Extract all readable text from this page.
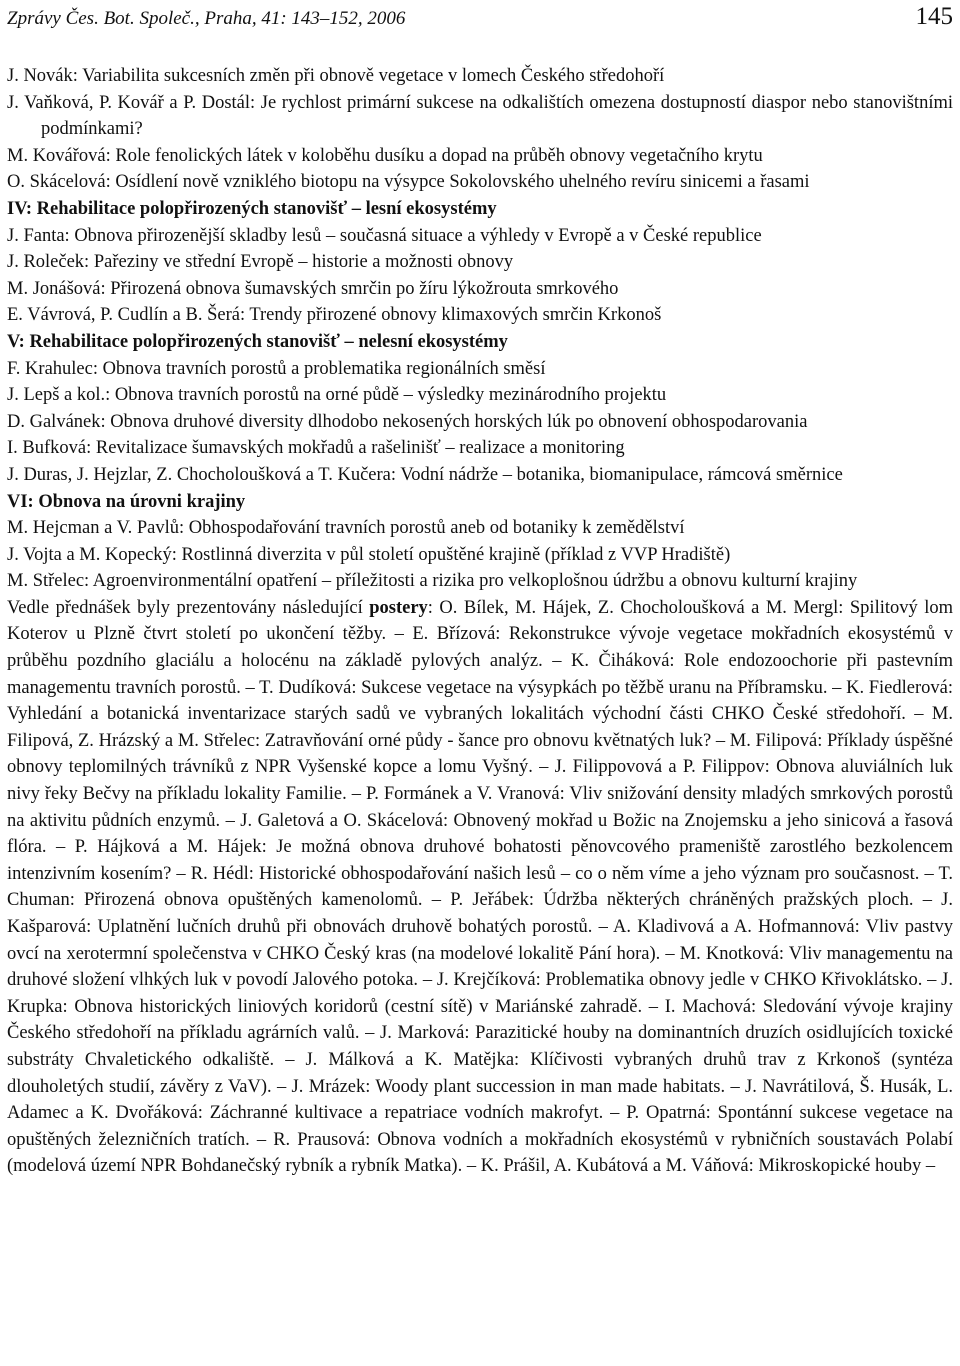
Zprávy Čes. Bot. Společ., Praha, 41: 143–152, 2006	145
J. Novák: Variabilita sukcesních změn při obnově vegetace v lomech Českého středohoří
J. Vaňková, P. Kovář a P. Dostál: Je rychlost primární sukcese na odkalištích omezena dostupností diaspor nebo stanovištními podmínkami?
M. Kovářová: Role fenolických látek v koloběhu dusíku a dopad na průběh obnovy vegetačního krytu
O. Skácelová: Osídlení nově vzniklého biotopu na výsypce Sokolovského uhelného revíru sinicemi a řasami
IV: Rehabilitace polopřirozených stanovišť – lesní ekosystémy
J. Fanta: Obnova přirozenější skladby lesů – současná situace a výhledy v Evropě a v České republice
J. Roleček: Pařeziny ve střední Evropě – historie a možnosti obnovy
M. Jonášová: Přirozená obnova šumavských smrčin po žíru lýkožrouta smrkového
E. Vávrová, P. Cudlín a B. Šerá: Trendy přirozené obnovy klimaxových smrčin Krkonoš
V: Rehabilitace polopřirozených stanovišť – nelesní ekosystémy
F. Krahulec: Obnova travních porostů a problematika regionálních směsí
J. Lepš a kol.: Obnova travních porostů na orné půdě – výsledky mezinárodního projektu
D. Galvánek: Obnova druhové diversity dlhodobo nekosených horských lúk po obnovení obhospodarovania
I. Bufková: Revitalizace šumavských mokřadů a rašelinišť – realizace a monitoring
J. Duras, J. Hejzlar, Z. Chocholoušková a T. Kučera: Vodní nádrže – botanika, biomanipulace, rámcová směrnice
VI: Obnova na úrovni krajiny
M. Hejcman a V. Pavlů: Obhospodařování travních porostů aneb od botaniky k zemědělství
J. Vojta a M. Kopecký: Rostlinná diverzita v půl století opuštěné krajině (příklad z VVP Hradiště)
M. Střelec: Agroenvironmentální opatření – příležitosti a rizika pro velkoplošnou údržbu a obnovu kulturní krajiny

Vedle přednášek byly prezentovány následující postery: O. Bílek, M. Hájek, Z. Chocholoušková a M. Mergl: Spilitový lom Koterov u Plzně čtvrt století po ukončení těžby. – E. Břízová: Rekonstrukce vývoje vegetace mokřadních ekosystémů v průběhu pozdního glaciálu a holocénu na základě pylových analýz. – K. Čiháková: Role endozoochorie při pastevním managementu travních porostů. – T. Dudíková: Sukcese vegetace na výsypkách po těžbě uranu na Příbramsku. – K. Fiedlerová: Vyhledání a botanická inventarizace starých sadů ve vybraných lokalitách východní části CHKO České středohoří. – M. Filipová, Z. Hrázský a M. Střelec: Zatravňování orné půdy - šance pro obnovu květnatých luk? – M. Filipová: Příklady úspěšné obnovy teplomilných trávníků z NPR Vyšenské kopce a lomu Vyšný. – J. Filippovová a P. Filippov: Obnova aluviálních luk nivy řeky Bečvy na příkladu lokality Familie. – P. Formánek a V. Vranová: Vliv snižování density mladých smrkových porostů na aktivitu půdních enzymů. – J. Galetová a O. Skácelová: Obnovený mokřad u Božic na Znojemsku a jeho sinicová a řasová flóra. – P. Hájková a M. Hájek: Je možná obnova druhové bohatosti pěnovcového prameniště zarostlého bezkolencem intenzivním kosením? – R. Hédl: Historické obhospodařování našich lesů – co o něm víme a jeho význam pro současnost. – T. Chuman: Přirozená obnova opuštěných kamenolomů. – P. Jeřábek: Údržba některých chráněných pražských ploch. – J. Kašparová: Uplatnění lučních druhů při obnovách druhově bohatých porostů. – A. Kladivová a A. Hofmannová: Vliv pastvy ovcí na xerotermní společenstva v CHKO Český kras (na modelové lokalitě Pání hora). – M. Knotková: Vliv managementu na druhové složení vlhkých luk v povodí Jalového potoka. – J. Krejčíková: Problematika obnovy jedle v CHKO Křivoklátsko. – J. Krupka: Obnova historických liniových koridorů (cestní sítě) v Mariánské zahradě. – I. Machová: Sledování vývoje krajiny Českého středohoří na příkladu agrárních valů. – J. Marková: Parazitické houby na dominantních druzích osidlujících toxické substráty Chvaletického odkaliště. – J. Málková a K. Matějka: Klíčivosti vybraných druhů trav z Krkonoš (syntéza dlouholetých studií, závěry z VaV). – J. Mrázek: Woody plant succession in man made habitats. – J. Navrátilová, Š. Husák, L. Adamec a K. Dvořáková: Záchranné kultivace a repatriace vodních makrofyt. – P. Opatrná: Spontánní sukcese vegetace na opuštěných železničních tratích. – R. Prausová: Obnova vodních a mokřadních ekosystémů v rybničních soustavách Polabí (modelová území NPR Bohdanečský rybník a rybník Matka). – K. Prášil, A. Kubátová a M. Váňová: Mikroskopické houby –
